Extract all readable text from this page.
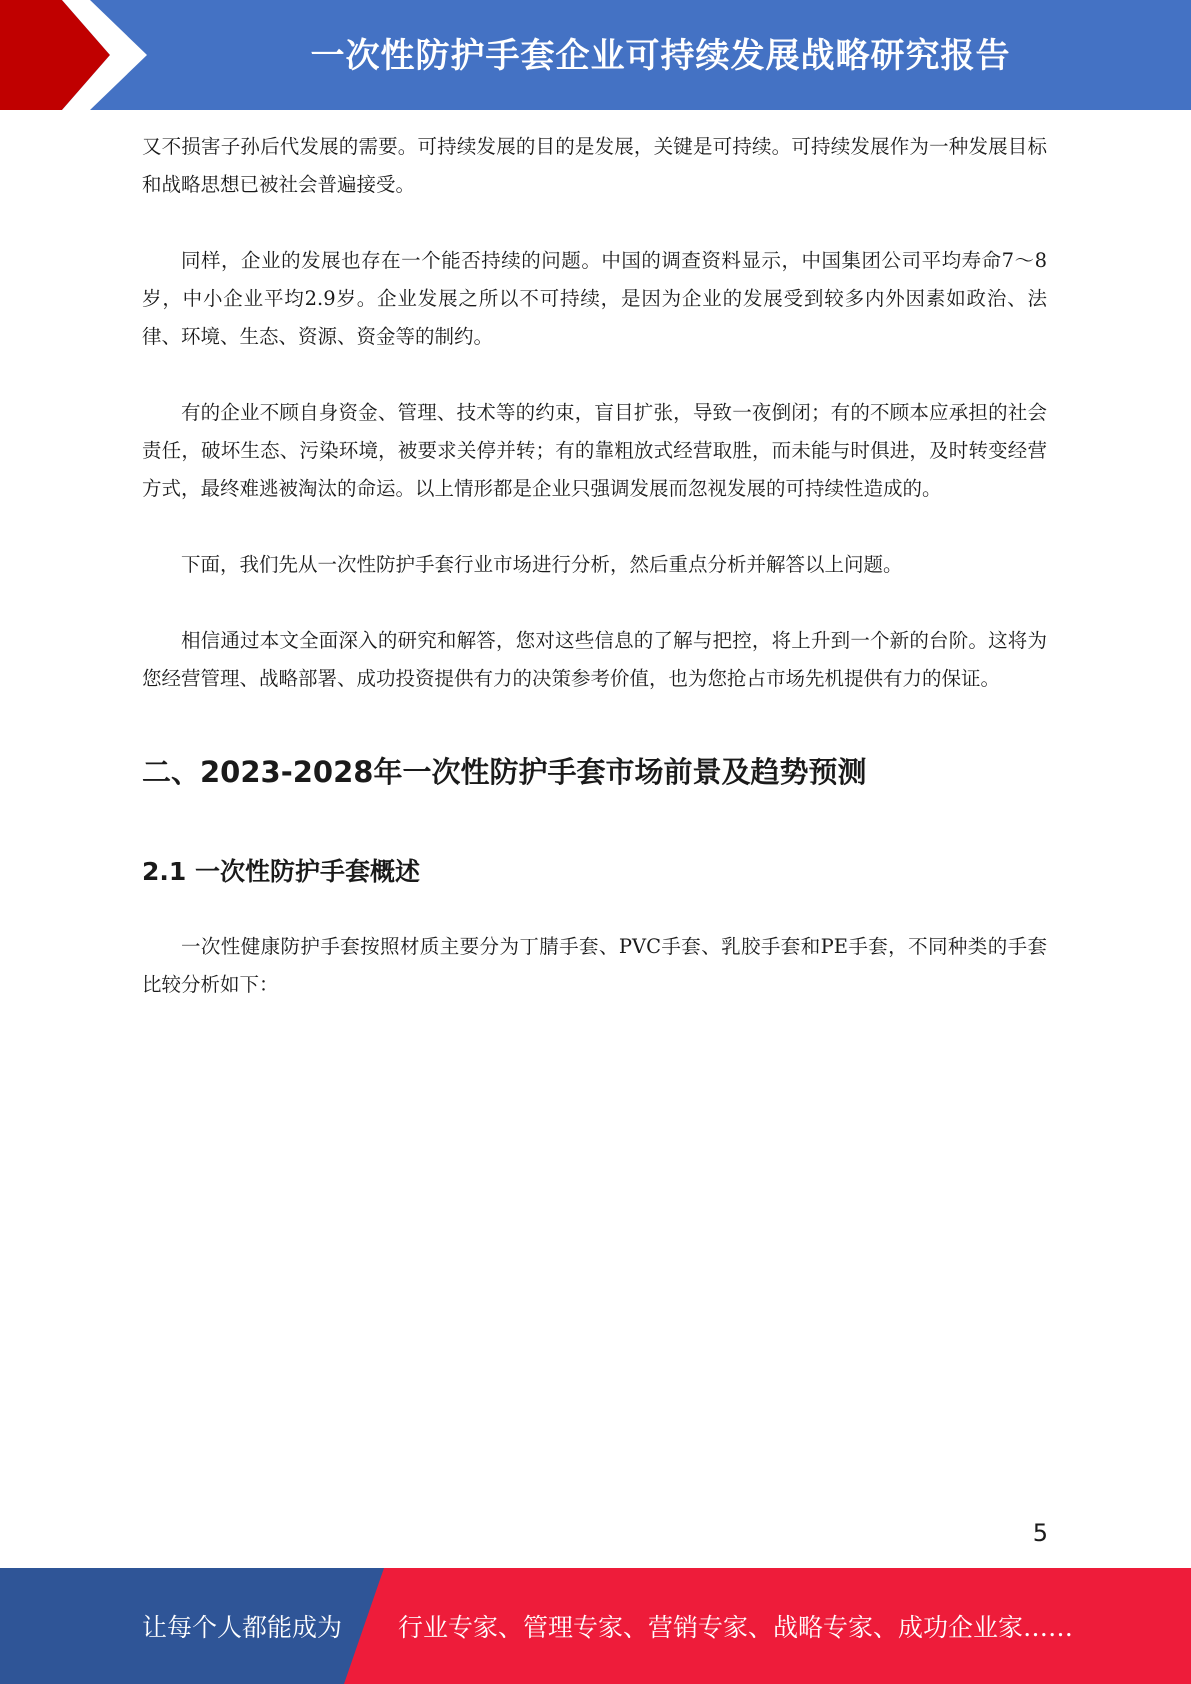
一次性防护手套企业可持续发展战略研究报告

又不损害子孙后代发展的需要。可持续发展的目的是发展，关键是可持续。可持续发展作为一种发展目标和战略思想已被社会普遍接受。

同样，企业的发展也存在一个能否持续的问题。中国的调查资料显示，中国集团公司平均寿命7～8岁，中小企业平均2.9岁。企业发展之所以不可持续，是因为企业的发展受到较多内外因素如政治、法律、环境、生态、资源、资金等的制约。

有的企业不顾自身资金、管理、技术等的约束，盲目扩张，导致一夜倒闭；有的不顾本应承担的社会责任，破坏生态、污染环境，被要求关停并转；有的靠粗放式经营取胜，而未能与时俱进，及时转变经营方式，最终难逃被淘汰的命运。以上情形都是企业只强调发展而忽视发展的可持续性造成的。

下面，我们先从一次性防护手套行业市场进行分析，然后重点分析并解答以上问题。

相信通过本文全面深入的研究和解答，您对这些信息的了解与把控，将上升到一个新的台阶。这将为您经营管理、战略部署、成功投资提供有力的决策参考价值，也为您抢占市场先机提供有力的保证。

二、2023-2028年一次性防护手套市场前景及趋势预测
2.1 一次性防护手套概述

一次性健康防护手套按照材质主要分为丁腈手套、PVC手套、乳胶手套和PE手套，不同种类的手套比较分析如下：

5
让每个人都能成为 行业专家、管理专家、营销专家、战略专家、成功企业家……
